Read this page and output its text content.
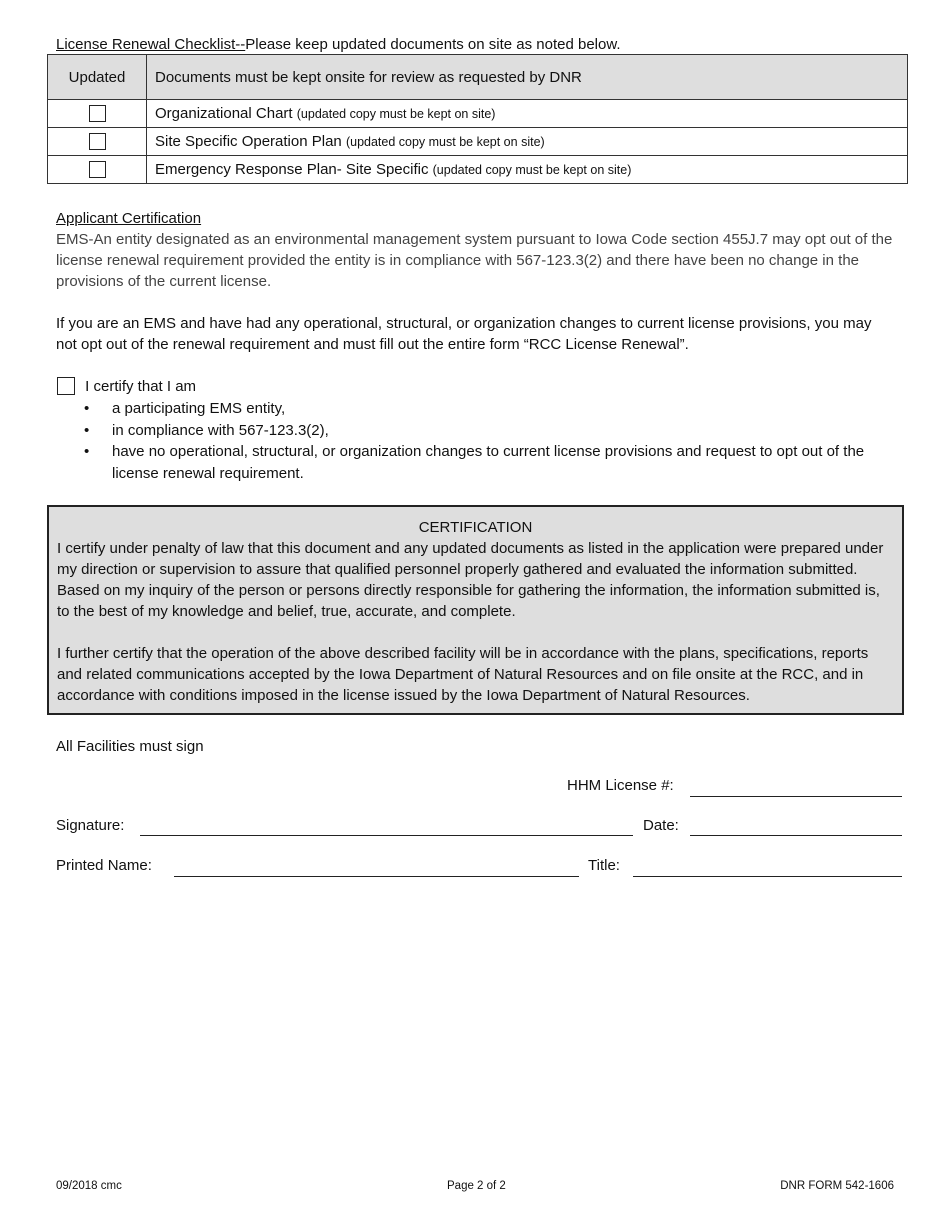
License Renewal Checklist--Please keep updated documents on site as noted below.
Updated	Documents must be kept onsite for review as requested by DNR
	Organizational Chart (updated copy must be kept on site)
	Site Specific Operation Plan (updated copy must be kept on site)
	Emergency Response Plan- Site Specific (updated copy must be kept on site)
Applicant Certification
EMS-An entity designated as an environmental management system pursuant to Iowa Code section 455J.7 may opt out of the license renewal requirement provided the entity is in compliance with 567-123.3(2) and there have been no change in the provisions of the current license.
If you are an EMS and have had any operational, structural, or organization changes to current license provisions, you may not opt out of the renewal requirement and must fill out the entire form “RCC License Renewal”.
I certify that I am
• a participating EMS entity,
• in compliance with 567-123.3(2),
• have no operational, structural, or organization changes to current license provisions and request to opt out of the license renewal requirement.
CERTIFICATION

I certify under penalty of law that this document and any updated documents as listed in the application were prepared under my direction or supervision to assure that qualified personnel properly gathered and evaluated the information submitted. Based on my inquiry of the person or persons directly responsible for gathering the information, the information submitted is, to the best of my knowledge and belief, true, accurate, and complete.

I further certify that the operation of the above described facility will be in accordance with the plans, specifications, reports and related communications accepted by the Iowa Department of Natural Resources and on file onsite at the RCC, and in accordance with conditions imposed in the license issued by the Iowa Department of Natural Resources.

All Facilities must sign
HHM License #:
Signature:	Date:
Printed Name:	Title:
09/2018 cmc	Page 2 of 2	DNR FORM 542-1606
